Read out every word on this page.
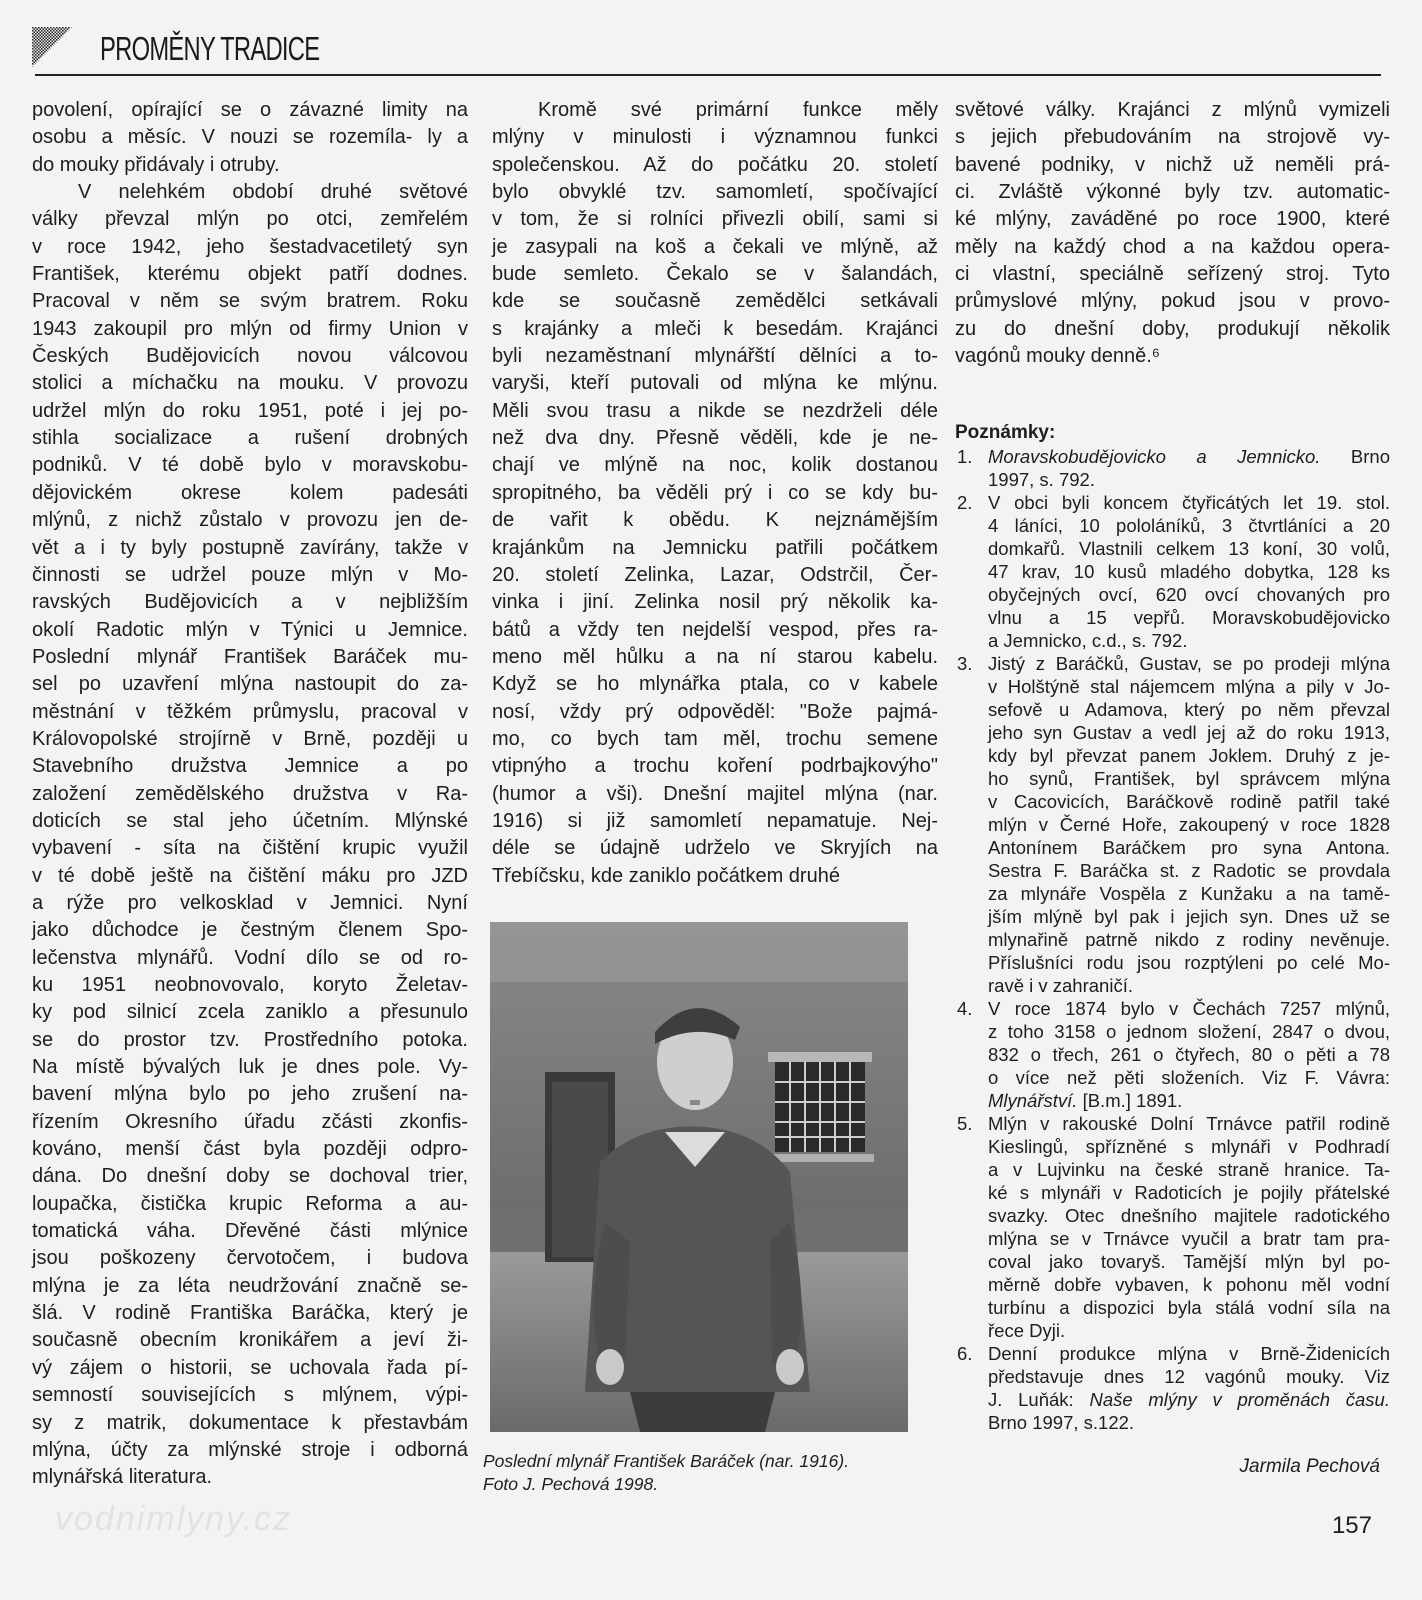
PROMĚNY TRADICE
povolení, opírající se o závazné limity na
osobu a měsíc. V nouzi se rozemíla- ly a
do mouky přidávaly i otruby.
V nelehkém období druhé světové
války převzal mlýn po otci, zemřelém
v roce 1942, jeho šestadvacetiletý syn
František, kterému objekt patří dodnes.
Pracoval v něm se svým bratrem. Roku
1943 zakoupil pro mlýn od firmy Union v
Českých Budějovicích novou válcovou
stolici a míchačku na mouku. V provozu
udržel mlýn do roku 1951, poté i jej po-
stihla socializace a rušení drobných
podniků. V té době bylo v moravskobu-
dějovickém okrese kolem padesáti
mlýnů, z nichž zůstalo v provozu jen de-
vět a i ty byly postupně zavírány, takže v
činnosti se udržel pouze mlýn v Mo-
ravských Budějovicích a v nejbližším
okolí Radotic mlýn v Týnici u Jemnice.
Poslední mlynář František Baráček mu-
sel po uzavření mlýna nastoupit do za-
městnání v těžkém průmyslu, pracoval v
Královopolské strojírně v Brně, později u
Stavebního družstva Jemnice a po
založení zemědělského družstva v Ra-
doticích se stal jeho účetním. Mlýnské
vybavení - síta na čištění krupic využil
v té době ještě na čištění máku pro JZD
a rýže pro velkosklad v Jemnici. Nyní
jako důchodce je čestným členem Spo-
lečenstva mlynářů. Vodní dílo se od ro-
ku 1951 neobnovovalo, koryto Želetav-
ky pod silnicí zcela zaniklo a přesunulo
se do prostor tzv. Prostředního potoka.
Na místě bývalých luk je dnes pole. Vy-
bavení mlýna bylo po jeho zrušení na-
řízením Okresního úřadu zčásti zkonfis-
kováno, menší část byla později odpro-
dána. Do dnešní doby se dochoval trier,
loupačka, čistička krupic Reforma a au-
tomatická váha. Dřevěné části mlýnice
jsou poškozeny červotočem, i budova
mlýna je za léta neudržování značně se-
šlá. V rodině Františka Baráčka, který je
současně obecním kronikářem a jeví ži-
vý zájem o historii, se uchovala řada pí-
semností souvisejících s mlýnem, výpi-
sy z matrik, dokumentace k přestavbám
mlýna, účty za mlýnské stroje i odborná
mlynářská literatura.
Kromě své primární funkce měly
mlýny v minulosti i významnou funkci
společenskou. Až do počátku 20. století
bylo obvyklé tzv. samomletí, spočívající
v tom, že si rolníci přivezli obilí, sami si
je zasypali na koš a čekali ve mlýně, až
bude semleto. Čekalo se v šalandách,
kde se současně zemědělci setkávali
s krajánky a mleči k besedám. Krajánci
byli nezaměstnaní mlynářští dělníci a to-
varyši, kteří putovali od mlýna ke mlýnu.
Měli svou trasu a nikde se nezdrželi déle
než dva dny. Přesně věděli, kde je ne-
chají ve mlýně na noc, kolik dostanou
spropitného, ba věděli prý i co se kdy bu-
de vařit k obědu. K nejznámějším
krajánkům na Jemnicku patřili počátkem
20. století Zelinka, Lazar, Odstrčil, Čer-
vinka i jiní. Zelinka nosil prý několik ka-
bátů a vždy ten nejdelší vespod, přes ra-
meno měl hůlku a na ní starou kabelu.
Když se ho mlynářka ptala, co v kabele
nosí, vždy prý odpověděl: "Bože pajmá-
mo, co bych tam měl, trochu semene
vtipnýho a trochu koření podrbajkovýho"
(humor a vši). Dnešní majitel mlýna (nar.
1916) si již samomletí nepamatuje. Nej-
déle se údajně udrželo ve Skryjích na
Třebíčsku, kde zaniklo počátkem druhé
světové války. Krajánci z mlýnů vymizeli
s jejich přebudováním na strojově vy-
bavené podniky, v nichž už neměli prá-
ci. Zvláště výkonné byly tzv. automatic-
ké mlýny, zaváděné po roce 1900, které
měly na každý chod a na každou opera-
ci vlastní, speciálně seřízený stroj. Tyto
průmyslové mlýny, pokud jsou v provo-
zu do dnešní doby, produkují několik
vagónů mouky denně.⁶
Poznámky:
1. Moravskobudějovicko a Jemnicko. Brno
1997, s. 792.
2. V obci byli koncem čtyřicátých let 19. stol.
4 láníci, 10 pololáníků, 3 čtvrtláníci a 20
domkařů. Vlastnili celkem 13 koní, 30 volů,
47 krav, 10 kusů mladého dobytka, 128 ks
obyčejných ovcí, 620 ovcí chovaných pro
vlnu a 15 vepřů. Moravskobudějovicko
a Jemnicko, c.d., s. 792.
3. Jistý z Baráčků, Gustav, se po prodeji mlýna
v Holštýně stal nájemcem mlýna a pily v Jo-
sefově u Adamova, který po něm převzal
jeho syn Gustav a vedl jej až do roku 1913,
kdy byl převzat panem Joklem. Druhý z je-
ho synů, František, byl správcem mlýna
v Cacovicích, Baráčkově rodině patřil také
mlýn v Černé Hoře, zakoupený v roce 1828
Antonínem Baráčkem pro syna Antona.
Sestra F. Baráčka st. z Radotic se provdala
za mlynáře Vospěla z Kunžaku a na tamě-
jším mlýně byl pak i jejich syn. Dnes už se
mlynařině patrně nikdo z rodiny nevěnuje.
Příslušníci rodu jsou rozptýleni po celé Mo-
ravě i v zahraničí.
4. V roce 1874 bylo v Čechách 7257 mlýnů,
z toho 3158 o jednom složení, 2847 o dvou,
832 o třech, 261 o čtyřech, 80 o pěti a 78
o více než pěti složeních. Viz F. Vávra:
Mlynářství. [B.m.] 1891.
5. Mlýn v rakouské Dolní Trnávce patřil rodině
Kieslingů, spřízněné s mlynáři v Podhradí
a v Lujvinku na české straně hranice. Ta-
ké s mlynáři v Radoticích je pojily přátelské
svazky. Otec dnešního majitele radotického
mlýna se v Trnávce vyučil a bratr tam pra-
coval jako tovaryš. Tamější mlýn byl po-
měrně dobře vybaven, k pohonu měl vodní
turbínu a dispozici byla stálá vodní síla na
řece Dyji.
6. Denní produkce mlýna v Brně-Židenicích
představuje dnes 12 vagónů mouky. Viz
J. Luňák: Naše mlýny v proměnách času.
Brno 1997, s.122.
Poslední mlynář František Baráček (nar. 1916).
Foto J. Pechová 1998.
Jarmila Pechová
157
vodnimlyny.cz
